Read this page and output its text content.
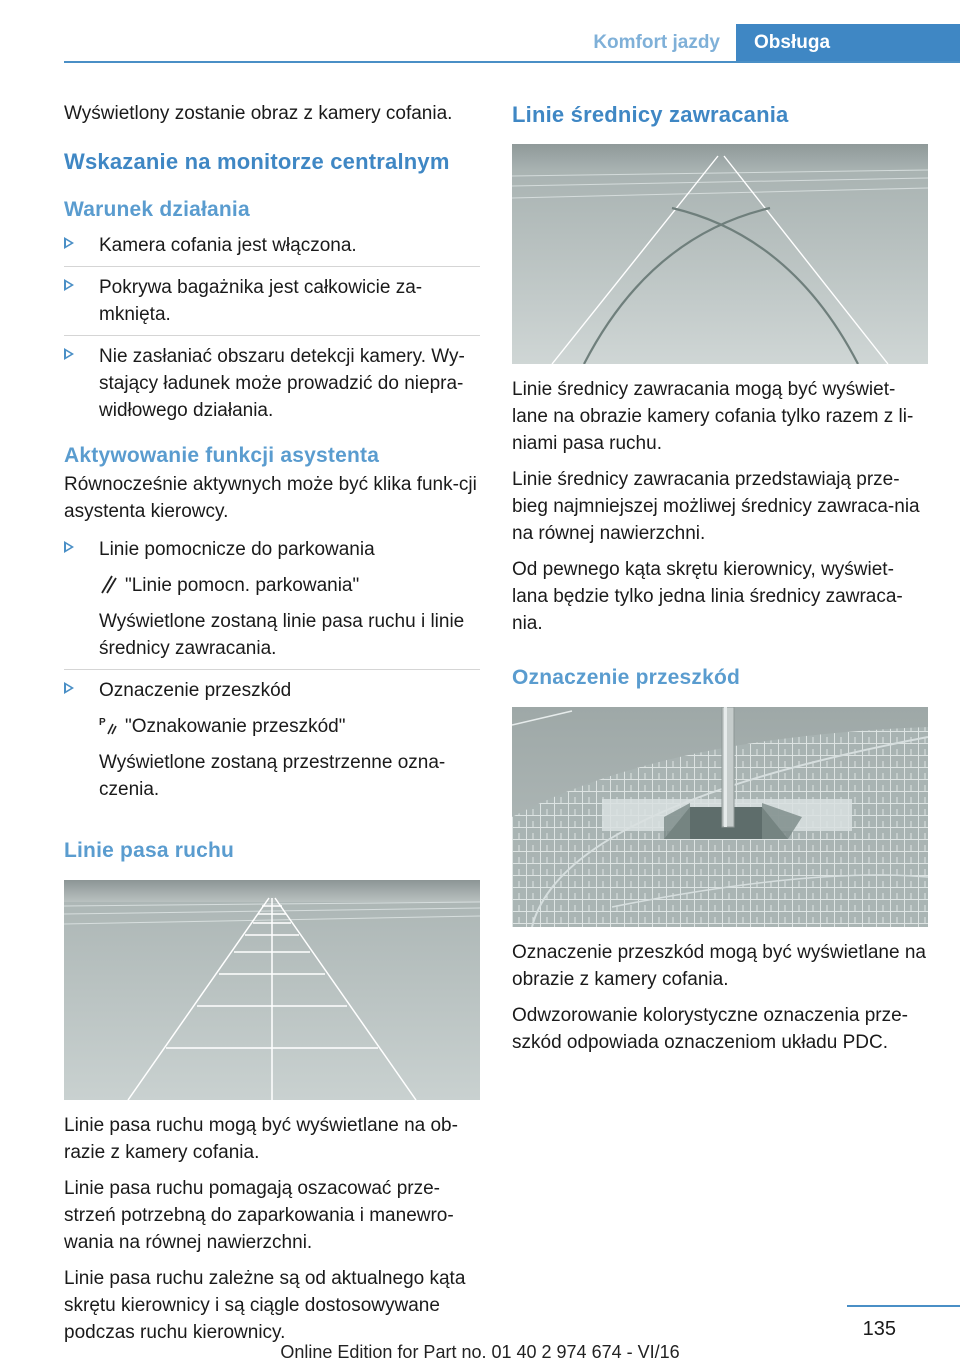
Komfort jazdy	Obsługa

Wyświetlony zostanie obraz z kamery cofania.

Wskazanie na monitorze centralnym
Warunek działania
Kamera cofania jest włączona.
Pokrywa bagażnika jest całkowicie za-mknięta.
Nie zasłaniać obszaru detekcji kamery. Wy-stający ładunek może prowadzić do niepra-widłowego działania.
Aktywowanie funkcji asystenta

Równocześnie aktywnych może być klika funk-cji asystenta kierowcy.

Linie pomocnicze do parkowania
"Linie pomocn. parkowania"
Wyświetlone zostaną linie pasa ruchu i linie średnicy zawracania.
Oznaczenie przeszkód
P "Oznakowanie przeszkód"
Wyświetlone zostaną przestrzenne ozna-czenia.
Linie pasa ruchu

Linie pasa ruchu mogą być wyświetlane na ob-razie z kamery cofania.

Linie pasa ruchu pomagają oszacować prze-strzeń potrzebną do zaparkowania i manewro-wania na równej nawierzchni.

Linie pasa ruchu zależne są od aktualnego kąta skrętu kierownicy i są ciągle dostosowywane podczas ruchu kierownicy.

Linie średnicy zawracania

Linie średnicy zawracania mogą być wyświet-lane na obrazie kamery cofania tylko razem z li-niami pasa ruchu.

Linie średnicy zawracania przedstawiają prze-bieg najmniejszej możliwej średnicy zawraca-nia na równej nawierzchni.

Od pewnego kąta skrętu kierownicy, wyświet-lana będzie tylko jedna linia średnicy zawraca-nia.

Oznaczenie przeszkód

Oznaczenie przeszkód mogą być wyświetlane na obrazie z kamery cofania.

Odwzorowanie kolorystyczne oznaczenia prze-szkód odpowiada oznaczeniom układu PDC.

135
Online Edition for Part no. 01 40 2 974 674 - VI/16
